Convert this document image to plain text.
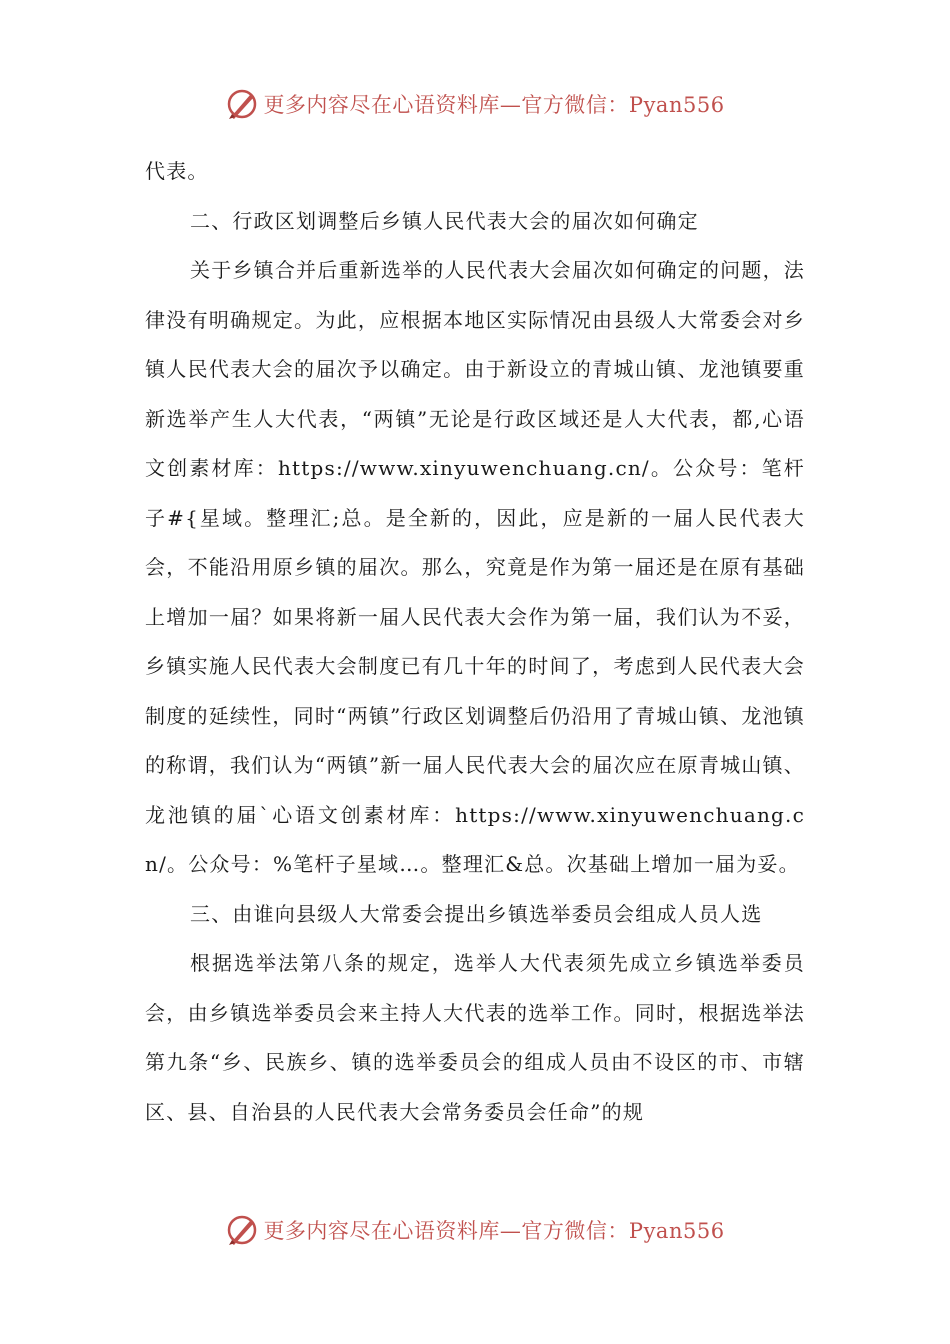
更多内容尽在心语资料库—官方微信：Pyan556

代表。

二、行政区划调整后乡镇人民代表大会的届次如何确定

关于乡镇合并后重新选举的人民代表大会届次如何确定的问题，法律没有明确规定。为此，应根据本地区实际情况由县级人大常委会对乡镇人民代表大会的届次予以确定。由于新设立的青城山镇、龙池镇要重新选举产生人大代表，“两镇”无论是行政区域还是人大代表，都,心语文创素材库：https://www.xinyuwenchuang.cn/。公众号：笔杆子#{星域。整理汇;总。是全新的，因此，应是新的一届人民代表大会，不能沿用原乡镇的届次。那么，究竟是作为第一届还是在原有基础上增加一届？如果将新一届人民代表大会作为第一届，我们认为不妥，乡镇实施人民代表大会制度已有几十年的时间了，考虑到人民代表大会制度的延续性，同时“两镇”行政区划调整后仍沿用了青城山镇、龙池镇的称谓，我们认为“两镇”新一届人民代表大会的届次应在原青城山镇、龙池镇的届`心语文创素材库：https://www.xinyuwenchuang.cn/。公众号：%笔杆子星域…。整理汇&总。次基础上增加一届为妥。

三、由谁向县级人大常委会提出乡镇选举委员会组成人员人选

根据选举法第八条的规定，选举人大代表须先成立乡镇选举委员会，由乡镇选举委员会来主持人大代表的选举工作。同时，根据选举法第九条“乡、民族乡、镇的选举委员会的组成人员由不设区的市、市辖区、县、自治县的人民代表大会常务委员会任命”的规

更多内容尽在心语资料库—官方微信：Pyan556
